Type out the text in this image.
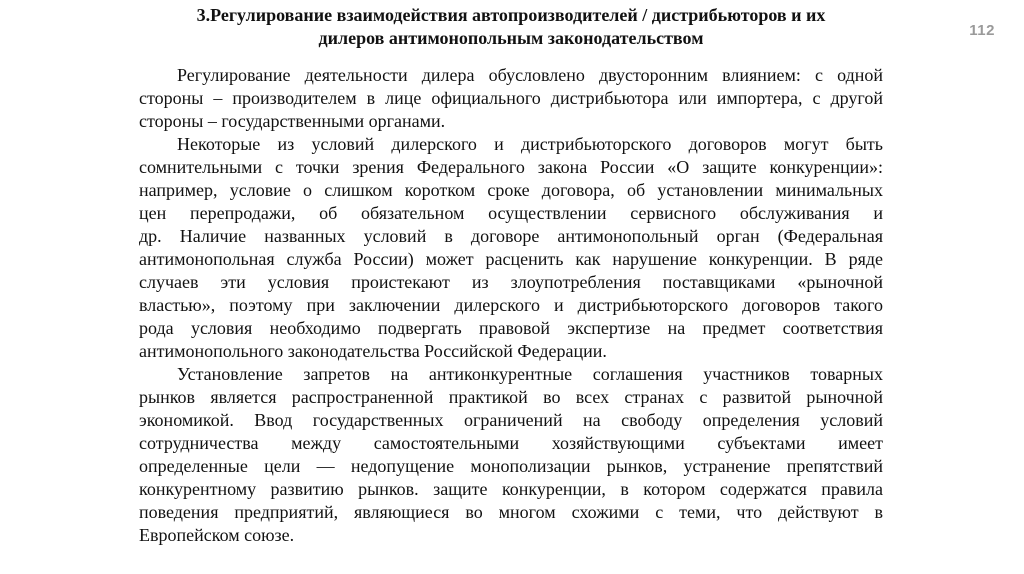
112
3.Регулирование взаимодействия автопроизводителей / дистрибьюторов и их
дилеров антимонопольным законодательством
Регулирование деятельности дилера обусловлено двусторонним влиянием: с одной
стороны – производителем в лице официального дистрибьютора или импортера, с другой
стороны – государственными органами.
Некоторые из условий дилерского и дистрибьюторского договоров могут быть
сомнительными с точки зрения Федерального закона России «О защите конкуренции»:
например, условие о слишком коротком сроке договора, об установлении минимальных
цен перепродажи, об обязательном осуществлении сервисного обслуживания и
др. Наличие названных условий в договоре антимонопольный орган (Федеральная
антимонопольная служба России) может расценить как нарушение конкуренции. В ряде
случаев эти условия проистекают из злоупотребления поставщиками «рыночной
властью», поэтому при заключении дилерского и дистрибьюторского договоров такого
рода условия необходимо подвергать правовой экспертизе на предмет соответствия
антимонопольного законодательства Российской Федерации.
Установление запретов на антиконкурентные соглашения участников товарных
рынков является распространенной практикой во всех странах с развитой рыночной
экономикой. Ввод государственных ограничений на свободу определения условий
сотрудничества между самостоятельными хозяйствующими субъектами имеет
определенные цели — недопущение монополизации рынков, устранение препятствий
конкурентному развитию рынков. защите конкуренции, в котором содержатся правила
поведения предприятий, являющиеся во многом схожими с теми, что действуют в
Европейском союзе.
